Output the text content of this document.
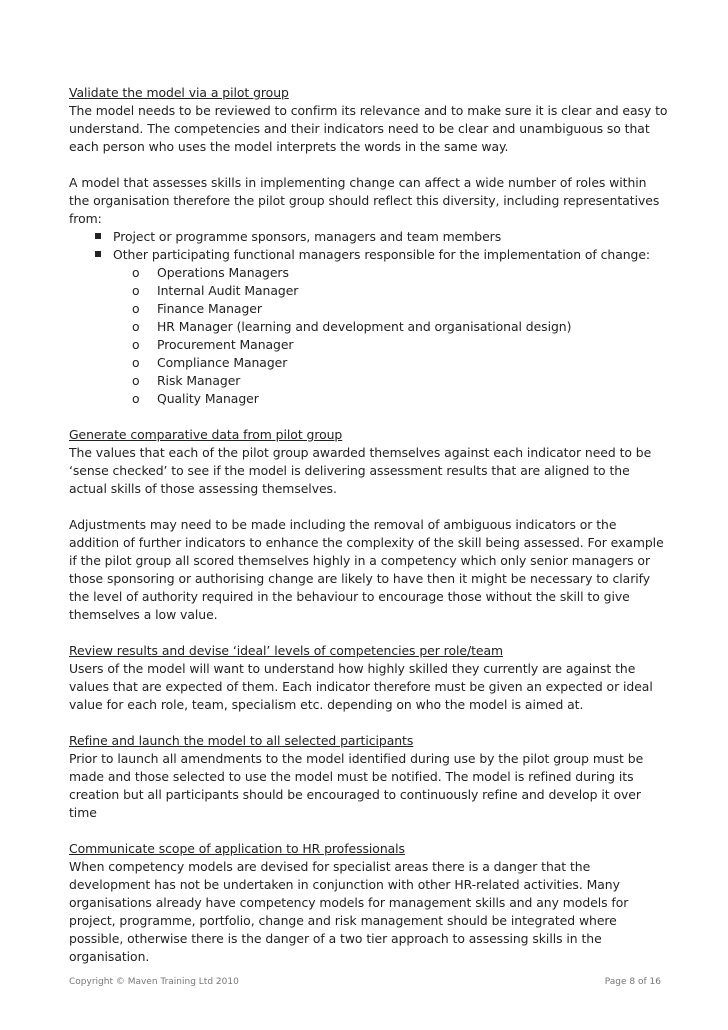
Validate the model via a pilot group

The model needs to be reviewed to confirm its relevance and to make sure it is clear and easy to understand. The competencies and their indicators need to be clear and unambiguous so that each person who uses the model interprets the words in the same way.

A model that assesses skills in implementing change can affect a wide number of roles within the organisation therefore the pilot group should reflect this diversity, including representatives from:

Project or programme sponsors, managers and team members
Other participating functional managers responsible for the implementation of change:
o Operations Managers
o Internal Audit Manager
o Finance Manager
o HR Manager (learning and development and organisational design)
o Procurement Manager
o Compliance Manager
o Risk Manager
o Quality Manager

Generate comparative data from pilot group

The values that each of the pilot group awarded themselves against each indicator need to be ‘sense checked’ to see if the model is delivering assessment results that are aligned to the actual skills of those assessing themselves.

Adjustments may need to be made including the removal of ambiguous indicators or the addition of further indicators to enhance the complexity of the skill being assessed. For example if the pilot group all scored themselves highly in a competency which only senior managers or those sponsoring or authorising change are likely to have then it might be necessary to clarify the level of authority required in the behaviour to encourage those without the skill to give themselves a low value.

Review results and devise ‘ideal’ levels of competencies per role/team

Users of the model will want to understand how highly skilled they currently are against the values that are expected of them. Each indicator therefore must be given an expected or ideal value for each role, team, specialism etc. depending on who the model is aimed at.

Refine and launch the model to all selected participants

Prior to launch all amendments to the model identified during use by the pilot group must be made and those selected to use the model must be notified. The model is refined during its creation but all participants should be encouraged to continuously refine and develop it over time

Communicate scope of application to HR professionals

When competency models are devised for specialist areas there is a danger that the development has not be undertaken in conjunction with other HR-related activities. Many organisations already have competency models for management skills and any models for project, programme, portfolio, change and risk management should be integrated where possible, otherwise there is the danger of a two tier approach to assessing skills in the organisation.

Copyright © Maven Training Ltd 2010	Page 8 of 16
